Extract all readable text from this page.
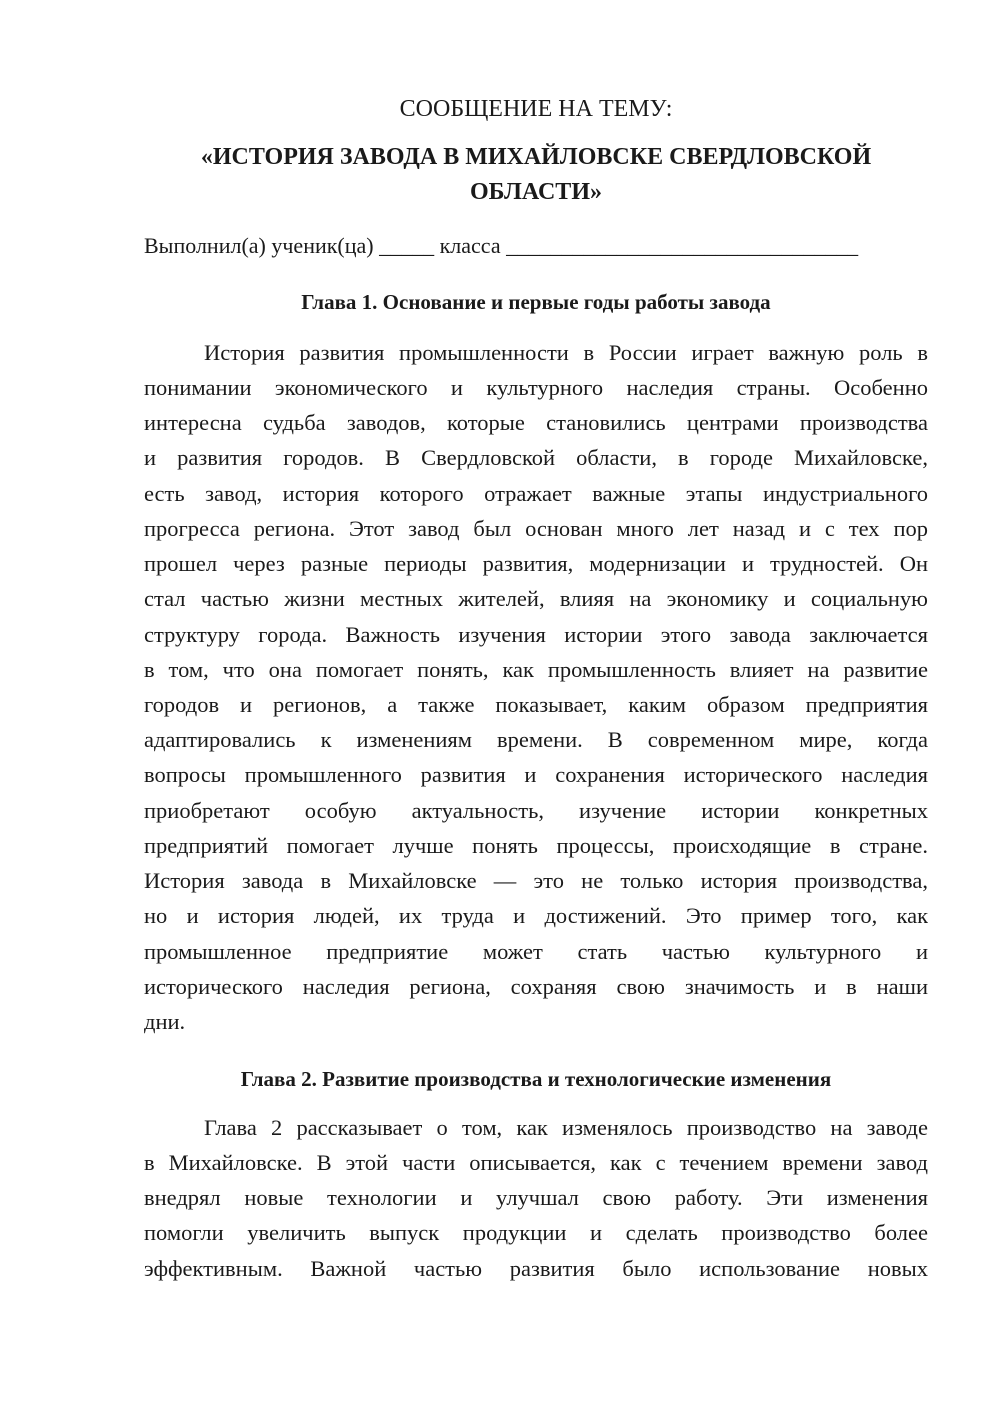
СООБЩЕНИЕ НА ТЕМУ:
«ИСТОРИЯ ЗАВОДА В МИХАЙЛОВСКЕ СВЕРДЛОВСКОЙ
ОБЛАСТИ»
Выполнил(а) ученик(ца) _____ класса ________________________________
Глава 1. Основание и первые годы работы завода
История развития промышленности в России играет важную роль в
понимании экономического и культурного наследия страны. Особенно
интересна судьба заводов, которые становились центрами производства
и развития городов. В Свердловской области, в городе Михайловске,
есть завод, история которого отражает важные этапы индустриального
прогресса региона. Этот завод был основан много лет назад и с тех пор
прошел через разные периоды развития, модернизации и трудностей. Он
стал частью жизни местных жителей, влияя на экономику и социальную
структуру города. Важность изучения истории этого завода заключается
в том, что она помогает понять, как промышленность влияет на развитие
городов и регионов, а также показывает, каким образом предприятия
адаптировались к изменениям времени. В современном мире, когда
вопросы промышленного развития и сохранения исторического наследия
приобретают особую актуальность, изучение истории конкретных
предприятий помогает лучше понять процессы, происходящие в стране.
История завода в Михайловске — это не только история производства,
но и история людей, их труда и достижений. Это пример того, как
промышленное предприятие может стать частью культурного и
исторического наследия региона, сохраняя свою значимость и в наши
дни.
Глава 2. Развитие производства и технологические изменения
Глава 2 рассказывает о том, как изменялось производство на заводе
в Михайловске. В этой части описывается, как с течением времени завод
внедрял новые технологии и улучшал свою работу. Эти изменения
помогли увеличить выпуск продукции и сделать производство более
эффективным. Важной частью развития было использование новых
